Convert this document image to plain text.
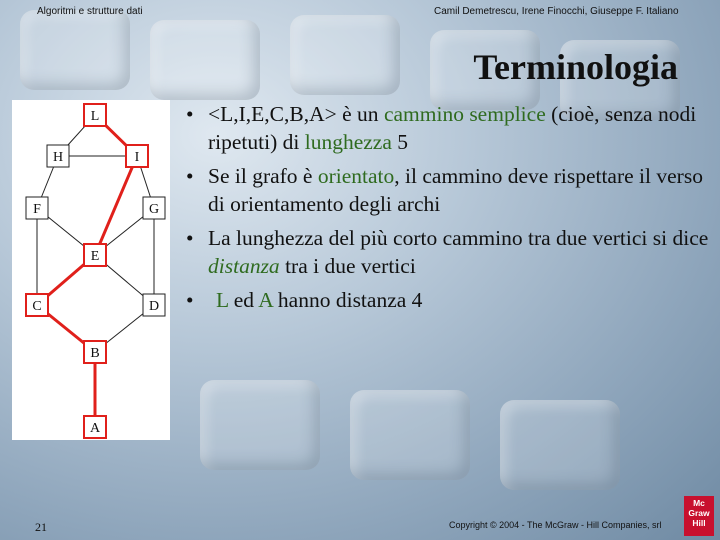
Algoritmi e strutture dati	Camil Demetrescu, Irene Finocchi, Giuseppe F. Italiano
Terminologia
L
H	I
F	G
E
C	D
B
A
• <L,I,E,C,B,A> è un cammino semplice (cioè, senza nodi ripetuti) di lunghezza 5
• Se il grafo è orientato, il cammino deve rispettare il verso di orientamento degli archi
• La lunghezza del più corto cammino tra due vertici si dice distanza tra i due vertici
• L ed A hanno distanza 4
21	Copyright © 2004 - The McGraw - Hill Companies, srl
Mc
Graw
Hill
